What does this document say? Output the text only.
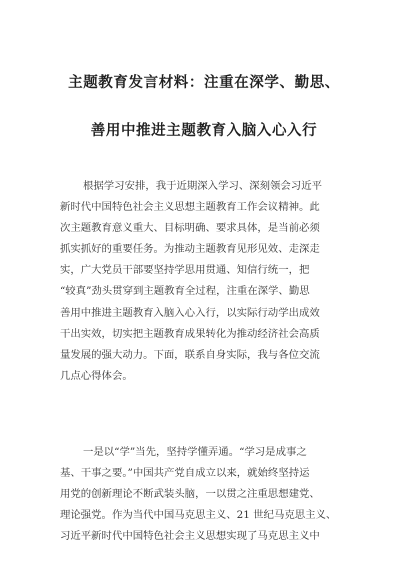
主题教育发言材料：注重在深学、勤思、
善用中推进主题教育入脑入心入行
根据学习安排，我于近期深入学习、深刻领会习近平
新时代中国特色社会主义思想主题教育工作会议精神。此
次主题教育意义重大、目标明确、要求具体，是当前必须
抓实抓好的重要任务。为推动主题教育见形见效、走深走
实，广大党员干部要坚持学思用贯通、知信行统一，把
“较真”劲头贯穿到主题教育全过程，注重在深学、勤思
善用中推进主题教育入脑入心入行，以实际行动学出成效
干出实效，切实把主题教育成果转化为推动经济社会高质
量发展的强大动力。下面，联系自身实际，我与各位交流
几点心得体会。
一是以“学”当先，坚持学懂弄通。“学习是成事之
基、干事之要。”中国共产党自成立以来，就始终坚持运
用党的创新理论不断武装头脑，一以贯之注重思想建党、
理论强党。作为当代中国马克思主义、21 世纪马克思主义、
习近平新时代中国特色社会主义思想实现了马克思主义中
